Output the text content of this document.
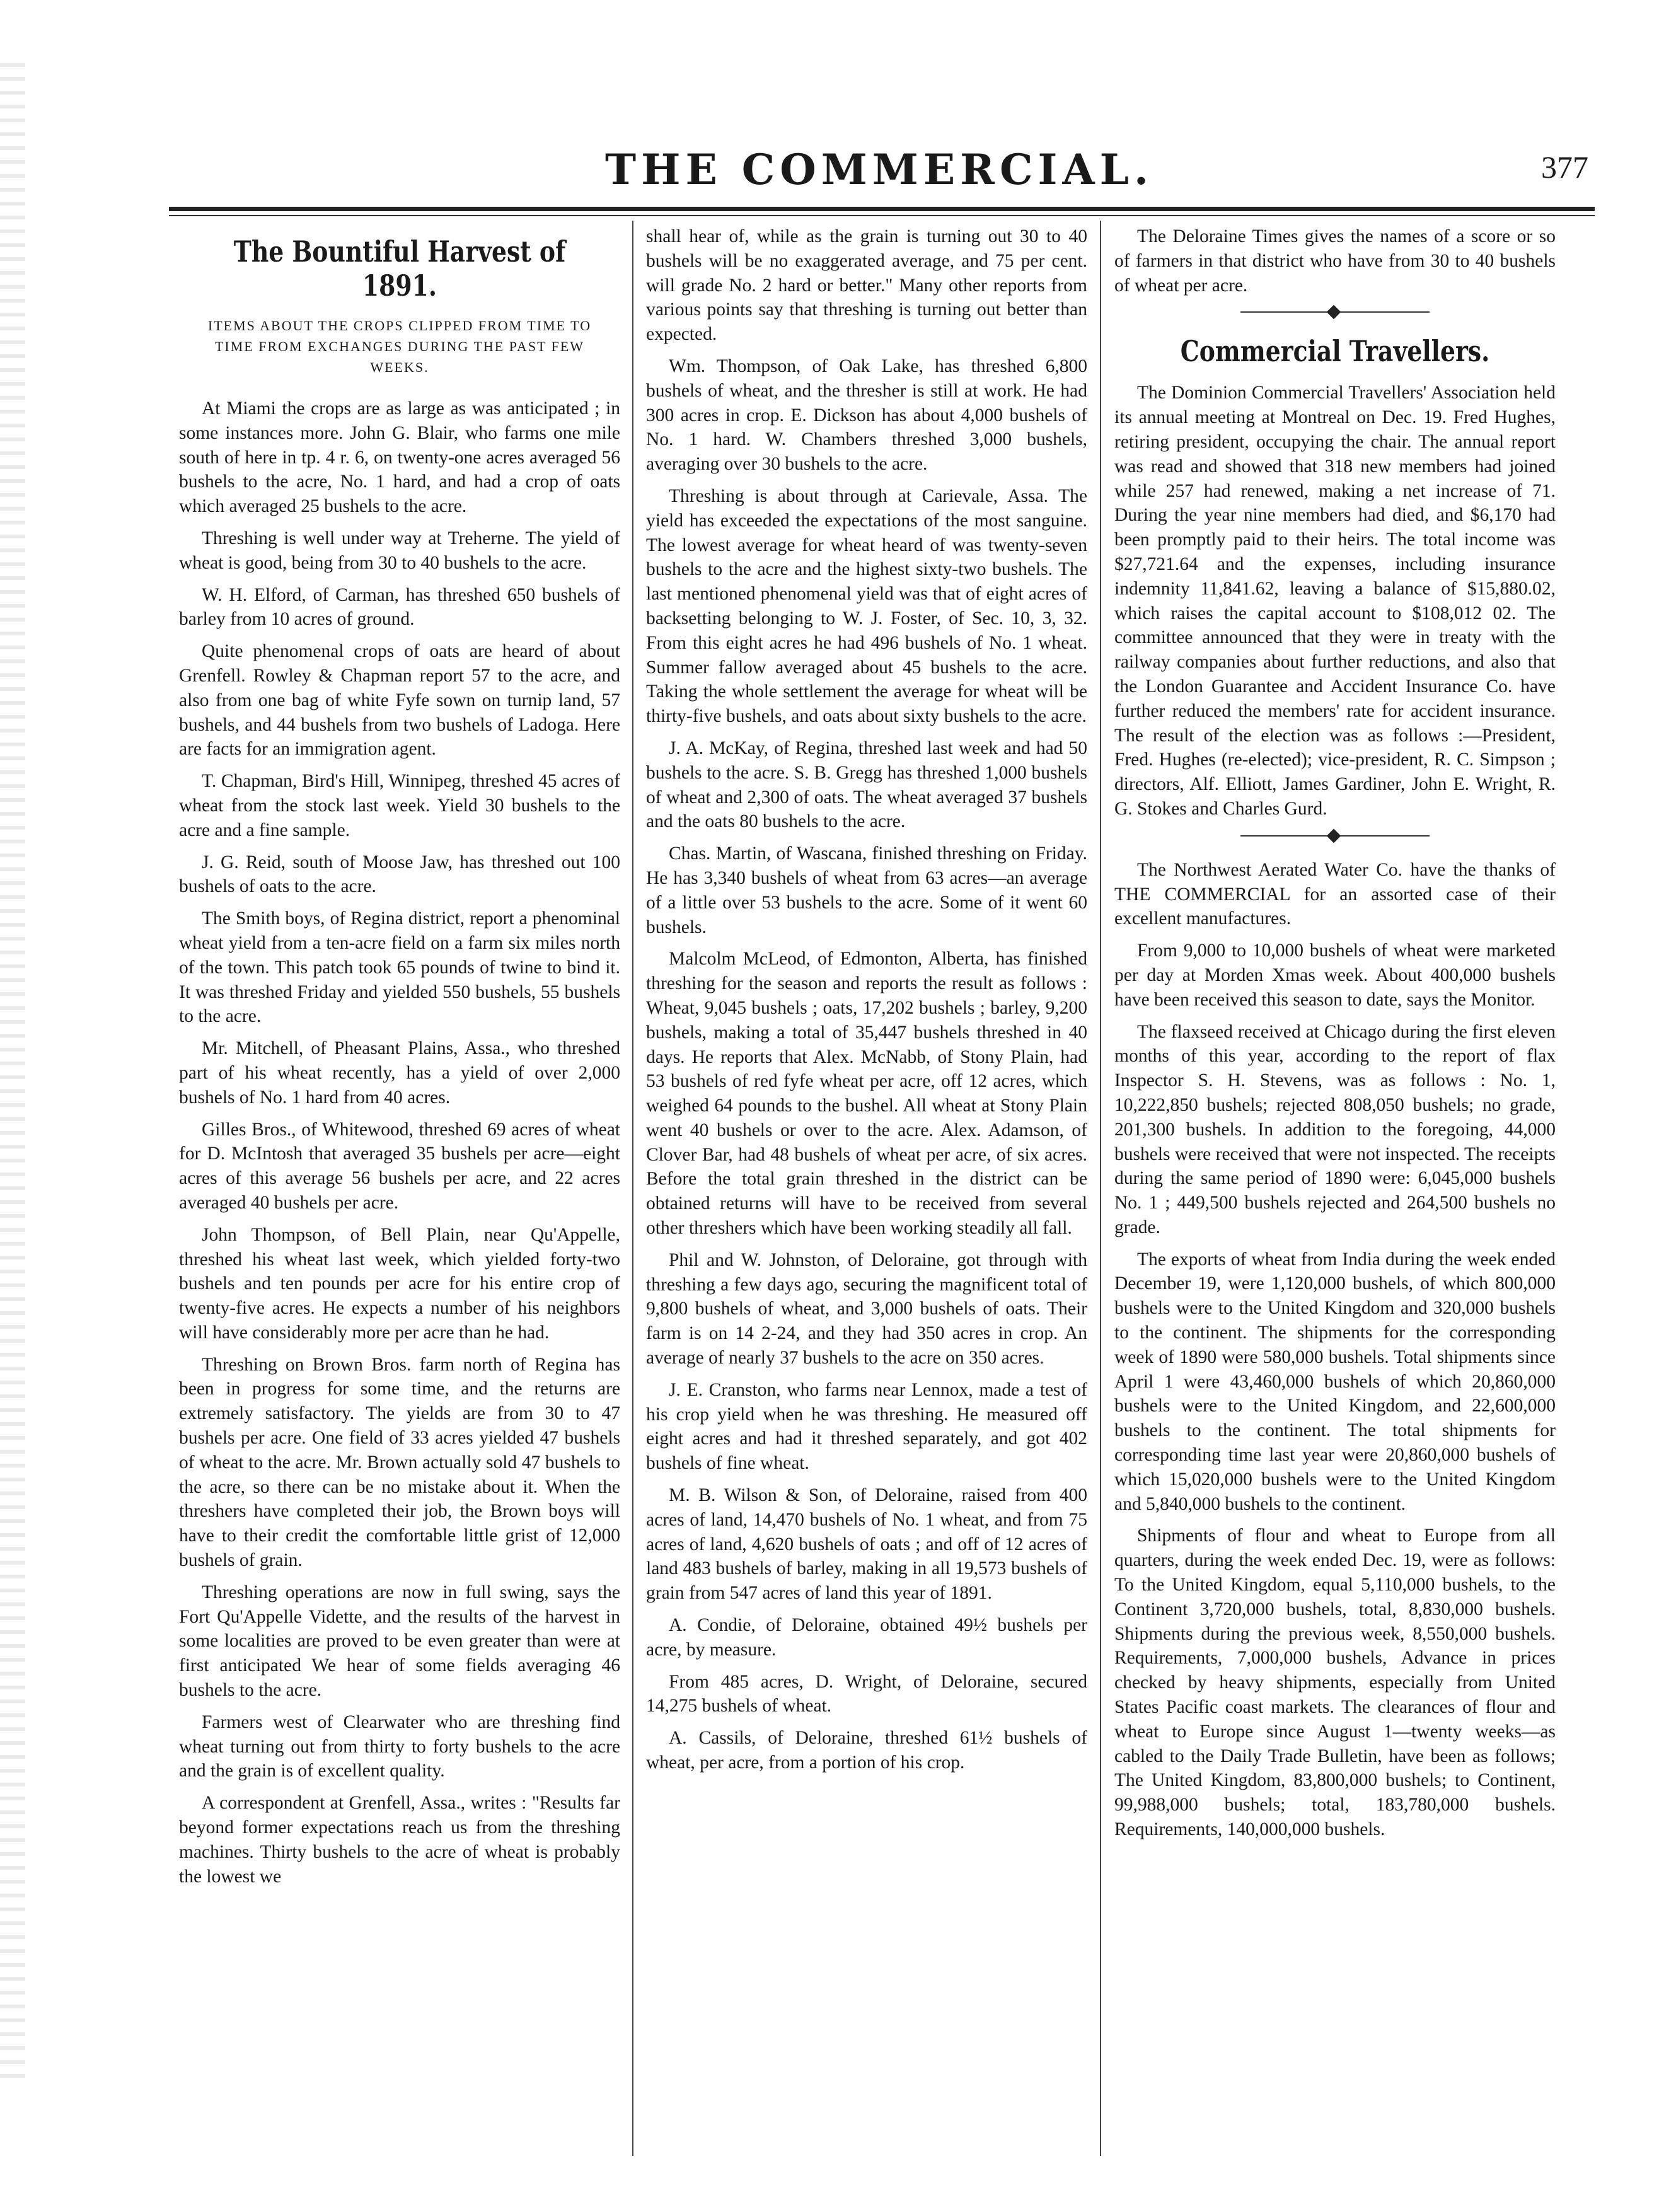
THE COMMERCIAL.	377
The Bountiful Harvest of 1891.

ITEMS ABOUT THE CROPS CLIPPED FROM TIME TO TIME FROM EXCHANGES DURING THE PAST FEW WEEKS.

At Miami the crops are as large as was anticipated ; in some instances more. John G. Blair, who farms one mile south of here in tp. 4 r. 6, on twenty-one acres averaged 56 bushels to the acre, No. 1 hard, and had a crop of oats which averaged 25 bushels to the acre.

Threshing is well under way at Treherne. The yield of wheat is good, being from 30 to 40 bushels to the acre.

W. H. Elford, of Carman, has threshed 650 bushels of barley from 10 acres of ground.

Quite phenomenal crops of oats are heard of about Grenfell. Rowley & Chapman report 57 to the acre, and also from one bag of white Fyfe sown on turnip land, 57 bushels, and 44 bushels from two bushels of Ladoga. Here are facts for an immigration agent.

T. Chapman, Bird's Hill, Winnipeg, threshed 45 acres of wheat from the stock last week. Yield 30 bushels to the acre and a fine sample.

J. G. Reid, south of Moose Jaw, has threshed out 100 bushels of oats to the acre.

The Smith boys, of Regina district, report a phenominal wheat yield from a ten-acre field on a farm six miles north of the town. This patch took 65 pounds of twine to bind it. It was threshed Friday and yielded 550 bushels, 55 bushels to the acre.

Mr. Mitchell, of Pheasant Plains, Assa., who threshed part of his wheat recently, has a yield of over 2,000 bushels of No. 1 hard from 40 acres.

Gilles Bros., of Whitewood, threshed 69 acres of wheat for D. McIntosh that averaged 35 bushels per acre—eight acres of this average 56 bushels per acre, and 22 acres averaged 40 bushels per acre.

John Thompson, of Bell Plain, near Qu'Appelle, threshed his wheat last week, which yielded forty-two bushels and ten pounds per acre for his entire crop of twenty-five acres. He expects a number of his neighbors will have considerably more per acre than he had.

Threshing on Brown Bros. farm north of Regina has been in progress for some time, and the returns are extremely satisfactory. The yields are from 30 to 47 bushels per acre. One field of 33 acres yielded 47 bushels of wheat to the acre. Mr. Brown actually sold 47 bushels to the acre, so there can be no mistake about it. When the threshers have completed their job, the Brown boys will have to their credit the comfortable little grist of 12,000 bushels of grain.

Threshing operations are now in full swing, says the Fort Qu'Appelle Vidette, and the results of the harvest in some localities are proved to be even greater than were at first anticipated We hear of some fields averaging 46 bushels to the acre.

Farmers west of Clearwater who are threshing find wheat turning out from thirty to forty bushels to the acre and the grain is of excellent quality.

A correspondent at Grenfell, Assa., writes : "Results far beyond former expectations reach us from the threshing machines. Thirty bushels to the acre of wheat is probably the lowest we

shall hear of, while as the grain is turning out 30 to 40 bushels will be no exaggerated average, and 75 per cent. will grade No. 2 hard or better." Many other reports from various points say that threshing is turning out better than expected.

Wm. Thompson, of Oak Lake, has threshed 6,800 bushels of wheat, and the thresher is still at work. He had 300 acres in crop. E. Dickson has about 4,000 bushels of No. 1 hard. W. Chambers threshed 3,000 bushels, averaging over 30 bushels to the acre.

Threshing is about through at Carievale, Assa. The yield has exceeded the expectations of the most sanguine. The lowest average for wheat heard of was twenty-seven bushels to the acre and the highest sixty-two bushels. The last mentioned phenomenal yield was that of eight acres of backsetting belonging to W. J. Foster, of Sec. 10, 3, 32. From this eight acres he had 496 bushels of No. 1 wheat. Summer fallow averaged about 45 bushels to the acre. Taking the whole settlement the average for wheat will be thirty-five bushels, and oats about sixty bushels to the acre.

J. A. McKay, of Regina, threshed last week and had 50 bushels to the acre. S. B. Gregg has threshed 1,000 bushels of wheat and 2,300 of oats. The wheat averaged 37 bushels and the oats 80 bushels to the acre.

Chas. Martin, of Wascana, finished threshing on Friday. He has 3,340 bushels of wheat from 63 acres—an average of a little over 53 bushels to the acre. Some of it went 60 bushels.

Malcolm McLeod, of Edmonton, Alberta, has finished threshing for the season and reports the result as follows : Wheat, 9,045 bushels ; oats, 17,202 bushels ; barley, 9,200 bushels, making a total of 35,447 bushels threshed in 40 days. He reports that Alex. McNabb, of Stony Plain, had 53 bushels of red fyfe wheat per acre, off 12 acres, which weighed 64 pounds to the bushel. All wheat at Stony Plain went 40 bushels or over to the acre. Alex. Adamson, of Clover Bar, had 48 bushels of wheat per acre, of six acres. Before the total grain threshed in the district can be obtained returns will have to be received from several other threshers which have been working steadily all fall.

Phil and W. Johnston, of Deloraine, got through with threshing a few days ago, securing the magnificent total of 9,800 bushels of wheat, and 3,000 bushels of oats. Their farm is on 14 2-24, and they had 350 acres in crop. An average of nearly 37 bushels to the acre on 350 acres.

J. E. Cranston, who farms near Lennox, made a test of his crop yield when he was threshing. He measured off eight acres and had it threshed separately, and got 402 bushels of fine wheat.

M. B. Wilson & Son, of Deloraine, raised from 400 acres of land, 14,470 bushels of No. 1 wheat, and from 75 acres of land, 4,620 bushels of oats ; and off of 12 acres of land 483 bushels of barley, making in all 19,573 bushels of grain from 547 acres of land this year of 1891.

A. Condie, of Deloraine, obtained 49½ bushels per acre, by measure.

From 485 acres, D. Wright, of Deloraine, secured 14,275 bushels of wheat.

A. Cassils, of Deloraine, threshed 61½ bushels of wheat, per acre, from a portion of his crop.

The Deloraine Times gives the names of a score or so of farmers in that district who have from 30 to 40 bushels of wheat per acre.

Commercial Travellers.

The Dominion Commercial Travellers' Association held its annual meeting at Montreal on Dec. 19. Fred Hughes, retiring president, occupying the chair. The annual report was read and showed that 318 new members had joined while 257 had renewed, making a net increase of 71. During the year nine members had died, and $6,170 had been promptly paid to their heirs. The total income was $27,721.64 and the expenses, including insurance indemnity 11,841.62, leaving a balance of $15,880.02, which raises the capital account to $108,012 02. The committee announced that they were in treaty with the railway companies about further reductions, and also that the London Guarantee and Accident Insurance Co. have further reduced the members' rate for accident insurance. The result of the election was as follows :—President, Fred. Hughes (re-elected); vice-president, R. C. Simpson ; directors, Alf. Elliott, James Gardiner, John E. Wright, R. G. Stokes and Charles Gurd.

The Northwest Aerated Water Co. have the thanks of THE COMMERCIAL for an assorted case of their excellent manufactures.

From 9,000 to 10,000 bushels of wheat were marketed per day at Morden Xmas week. About 400,000 bushels have been received this season to date, says the Monitor.

The flaxseed received at Chicago during the first eleven months of this year, according to the report of flax Inspector S. H. Stevens, was as follows : No. 1, 10,222,850 bushels; rejected 808,050 bushels; no grade, 201,300 bushels. In addition to the foregoing, 44,000 bushels were received that were not inspected. The receipts during the same period of 1890 were: 6,045,000 bushels No. 1 ; 449,500 bushels rejected and 264,500 bushels no grade.

The exports of wheat from India during the week ended December 19, were 1,120,000 bushels, of which 800,000 bushels were to the United Kingdom and 320,000 bushels to the continent. The shipments for the corresponding week of 1890 were 580,000 bushels. Total shipments since April 1 were 43,460,000 bushels of which 20,860,000 bushels were to the United Kingdom, and 22,600,000 bushels to the continent. The total shipments for corresponding time last year were 20,860,000 bushels of which 15,020,000 bushels were to the United Kingdom and 5,840,000 bushels to the continent.

Shipments of flour and wheat to Europe from all quarters, during the week ended Dec. 19, were as follows: To the United Kingdom, equal 5,110,000 bushels, to the Continent 3,720,000 bushels, total, 8,830,000 bushels. Shipments during the previous week, 8,550,000 bushels. Requirements, 7,000,000 bushels, Advance in prices checked by heavy shipments, especially from United States Pacific coast markets. The clearances of flour and wheat to Europe since August 1—twenty weeks—as cabled to the Daily Trade Bulletin, have been as follows; The United Kingdom, 83,800,000 bushels; to Continent, 99,988,000 bushels; total, 183,780,000 bushels. Requirements, 140,000,000 bushels.
